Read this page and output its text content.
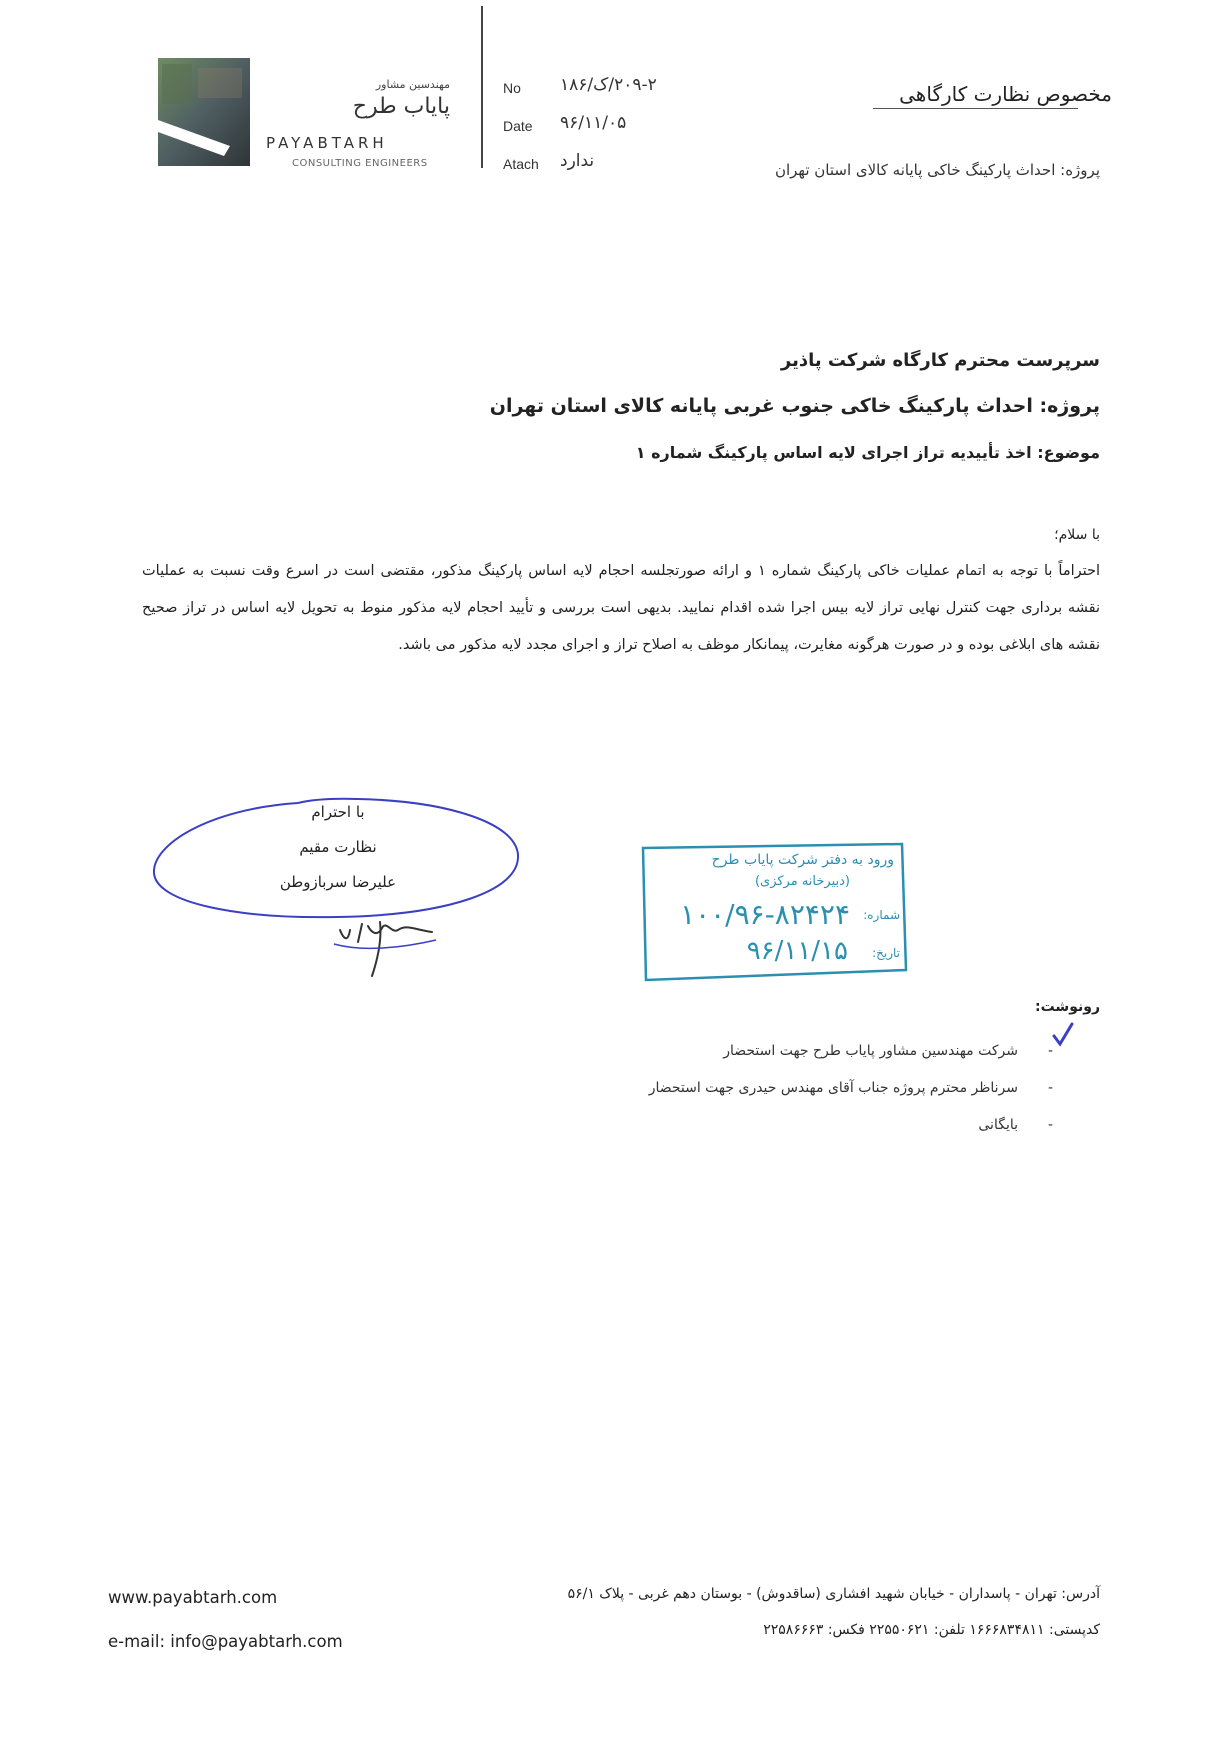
مهندسین مشاور
پایاب طرح
PAYABTARH
CONSULTING ENGINEERS
No ۲۰۹-۲/ک/۱۸۶
Date ۹۶/۱۱/۰۵
Atach ندارد
مخصوص نظارت کارگاهی
پروژه: احداث پارکینگ خاکی پایانه کالای استان تهران
سرپرست محترم کارگاه شرکت پاذیر
پروژه: احداث پارکینگ خاکی جنوب غربی پایانه کالای استان تهران
موضوع: اخذ تأییدیه تراز اجرای لایه اساس پارکینگ شماره ۱
با سلام؛
احتراماً با توجه به اتمام عملیات خاکی پارکینگ شماره ۱ و ارائه صورتجلسه احجام لایه اساس پارکینگ مذکور، مقتضی است در اسرع وقت نسبت به عملیات نقشه برداری جهت کنترل نهایی تراز لایه بیس اجرا شده اقدام نمایید. بدیهی است بررسی و تأیید احجام لایه مذکور منوط به تحویل لایه اساس در تراز صحیح نقشه های ابلاغی بوده و در صورت هرگونه مغایرت، پیمانکار موظف به اصلاح تراز و اجرای مجدد لایه مذکور می باشد.
با احترام
نظارت مقیم
علیرضا سربازوطن
ورود به دفتر شرکت پایاب طرح
(دبیرخانه مرکزی)
شماره:
۱۰۰/۹۶-۸۲۴۲۴
تاریخ:
۹۶/۱۱/۱۵
رونوشت:
-
شرکت مهندسین مشاور پایاب طرح جهت استحضار
-
سرناظر محترم پروژه جناب آقای مهندس حیدری جهت استحضار
-
بایگانی
www.payabtarh.com
e-mail: info@payabtarh.com
آدرس: تهران - پاسداران - خیابان شهید افشاری (ساقدوش) - بوستان دهم غربی - پلاک ۵۶/۱
کدپستی: ۱۶۶۶۸۳۴۸۱۱ تلفن: ۲۲۵۵۰۶۲۱ فکس: ۲۲۵۸۶۶۶۳
